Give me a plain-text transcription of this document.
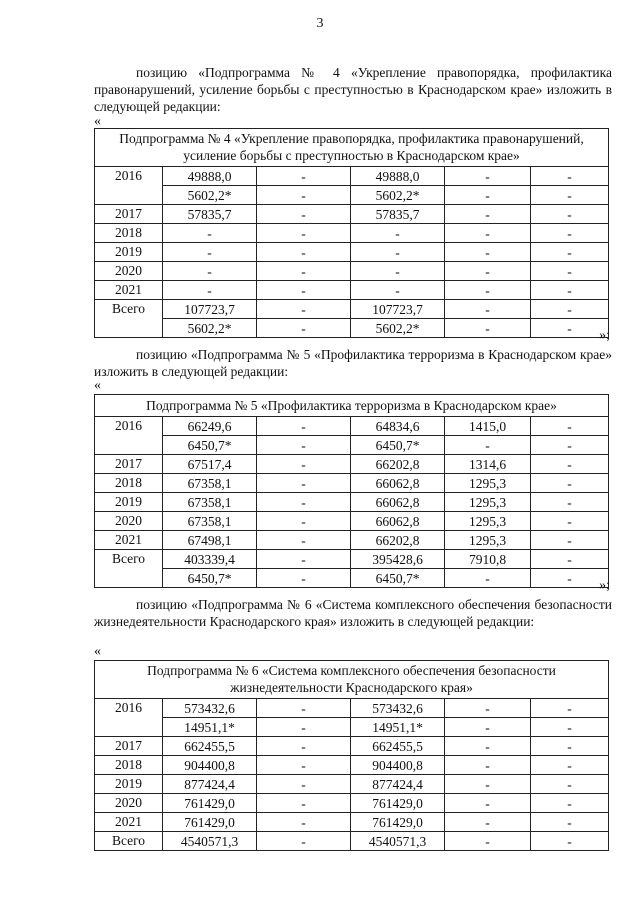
3
позицию «Подпрограмма № 4 «Укрепление правопорядка, профилактика правонарушений, усиление борьбы с преступностью в Краснодарском крае» изложить в следующей редакции:
«
Подпрограмма № 4 «Укрепление правопорядка, профилактика правонарушений, усиление борьбы с преступностью в Краснодарском крае»					
2016	49888,0	-	49888,0	-	-
	5602,2*	-	5602,2*	-	-
2017	57835,7	-	57835,7	-	-
2018	-	-	-	-	-
2019	-	-	-	-	-
2020	-	-	-	-	-
2021	-	-	-	-	-
Всего	107723,7	-	107723,7	-	-
	5602,2*	-	5602,2*	-	- »;
позицию «Подпрограмма № 5 «Профилактика терроризма в Краснодарском крае» изложить в следующей редакции:
«
Подпрограмма № 5 «Профилактика терроризма в Краснодарском крае»					
2016	66249,6	-	64834,6	1415,0	-
	6450,7*	-	6450,7*	-	-
2017	67517,4	-	66202,8	1314,6	-
2018	67358,1	-	66062,8	1295,3	-
2019	67358,1	-	66062,8	1295,3	-
2020	67358,1	-	66062,8	1295,3	-
2021	67498,1	-	66202,8	1295,3	-
Всего	403339,4	-	395428,6	7910,8	-
	6450,7*	-	6450,7*	-	- »;
позицию «Подпрограмма № 6 «Система комплексного обеспечения безопасности жизнедеятельности Краснодарского края» изложить в следующей редакции:
«
Подпрограмма № 6 «Система комплексного обеспечения безопасности жизнедеятельности Краснодарского края»					
2016	573432,6	-	573432,6	-	-
	14951,1*	-	14951,1*	-	-
2017	662455,5	-	662455,5	-	-
2018	904400,8	-	904400,8	-	-
2019	877424,4	-	877424,4	-	-
2020	761429,0	-	761429,0	-	-
2021	761429,0	-	761429,0	-	-
Всего	4540571,3	-	4540571,3	-	-
